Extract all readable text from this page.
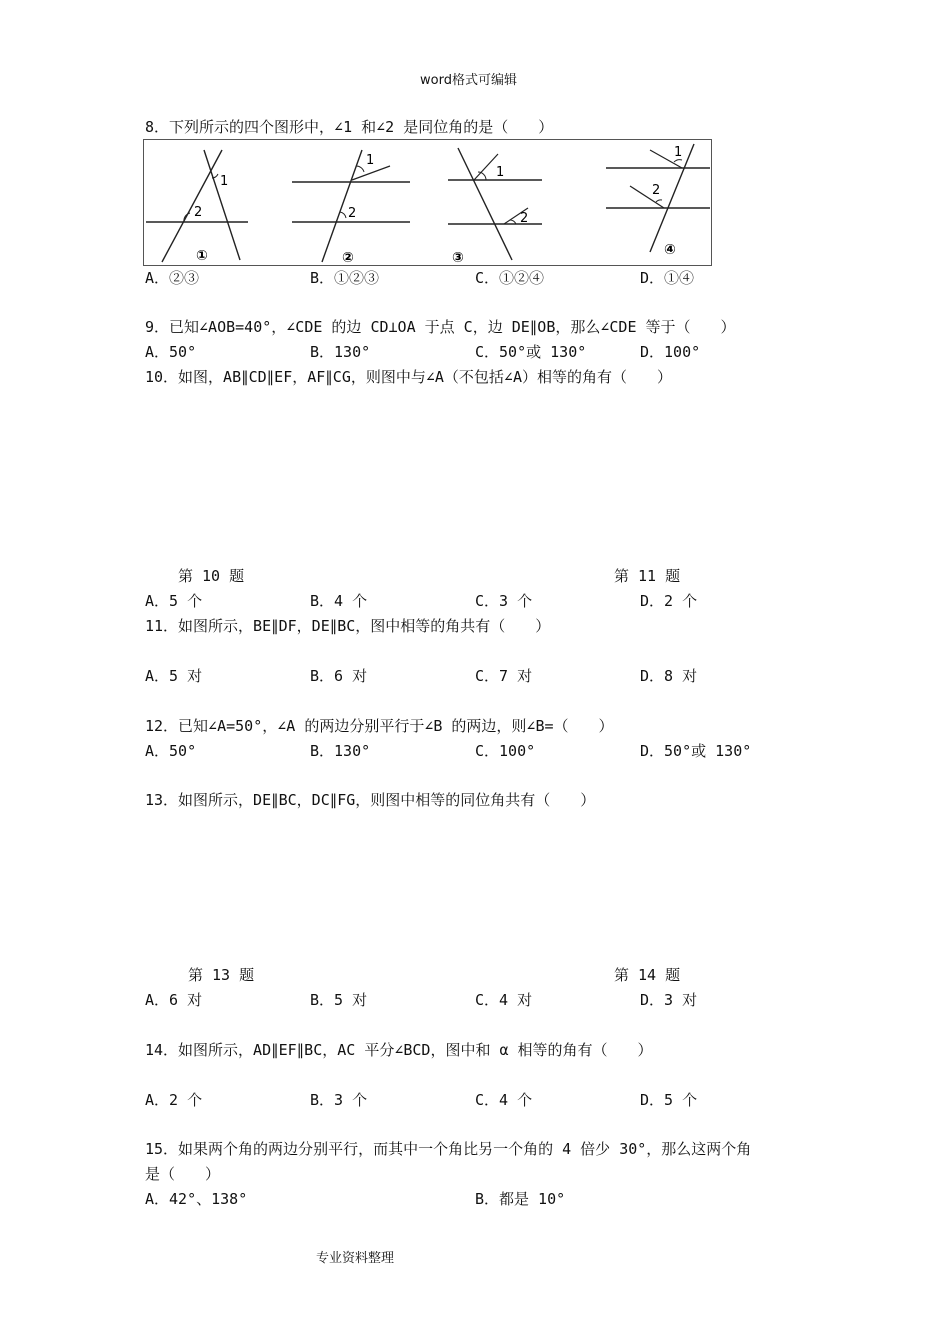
word格式可编辑
8．下列所示的四个图形中，∠1 和∠2 是同位角的是（　　）
1
2
①
1
2
②
1
2
③
1
2
④
A．②③	B．①②③	C．①②④	D．①④
9．已知∠AOB=40°，∠CDE 的边 CD⊥OA 于点 C，边 DE∥OB，那么∠CDE 等于（　　）
A．50°	B．130°	C．50°或 130°	D．100°
10．如图，AB∥CD∥EF，AF∥CG，则图中与∠A（不包括∠A）相等的角有（　　）
第 10 题	第 11 题
A．5 个	B．4 个	C．3 个	D．2 个
11．如图所示，BE∥DF，DE∥BC，图中相等的角共有（　　）
A．5 对	B．6 对	C．7 对	D．8 对
12．已知∠A=50°，∠A 的两边分别平行于∠B 的两边，则∠B=（　　）
A．50°	B．130°	C．100°	D．50°或 130°
13．如图所示，DE∥BC，DC∥FG，则图中相等的同位角共有（　　）
第 13 题	第 14 题
A．6 对	B．5 对	C．4 对	D．3 对
14．如图所示，AD∥EF∥BC，AC 平分∠BCD，图中和 α 相等的角有（　　）
A．2 个	B．3 个	C．4 个	D．5 个
15．如果两个角的两边分别平行，而其中一个角比另一个角的 4 倍少 30°，那么这两个角
是（　　）
A．42°、138°	B．都是 10°
专业资料整理
